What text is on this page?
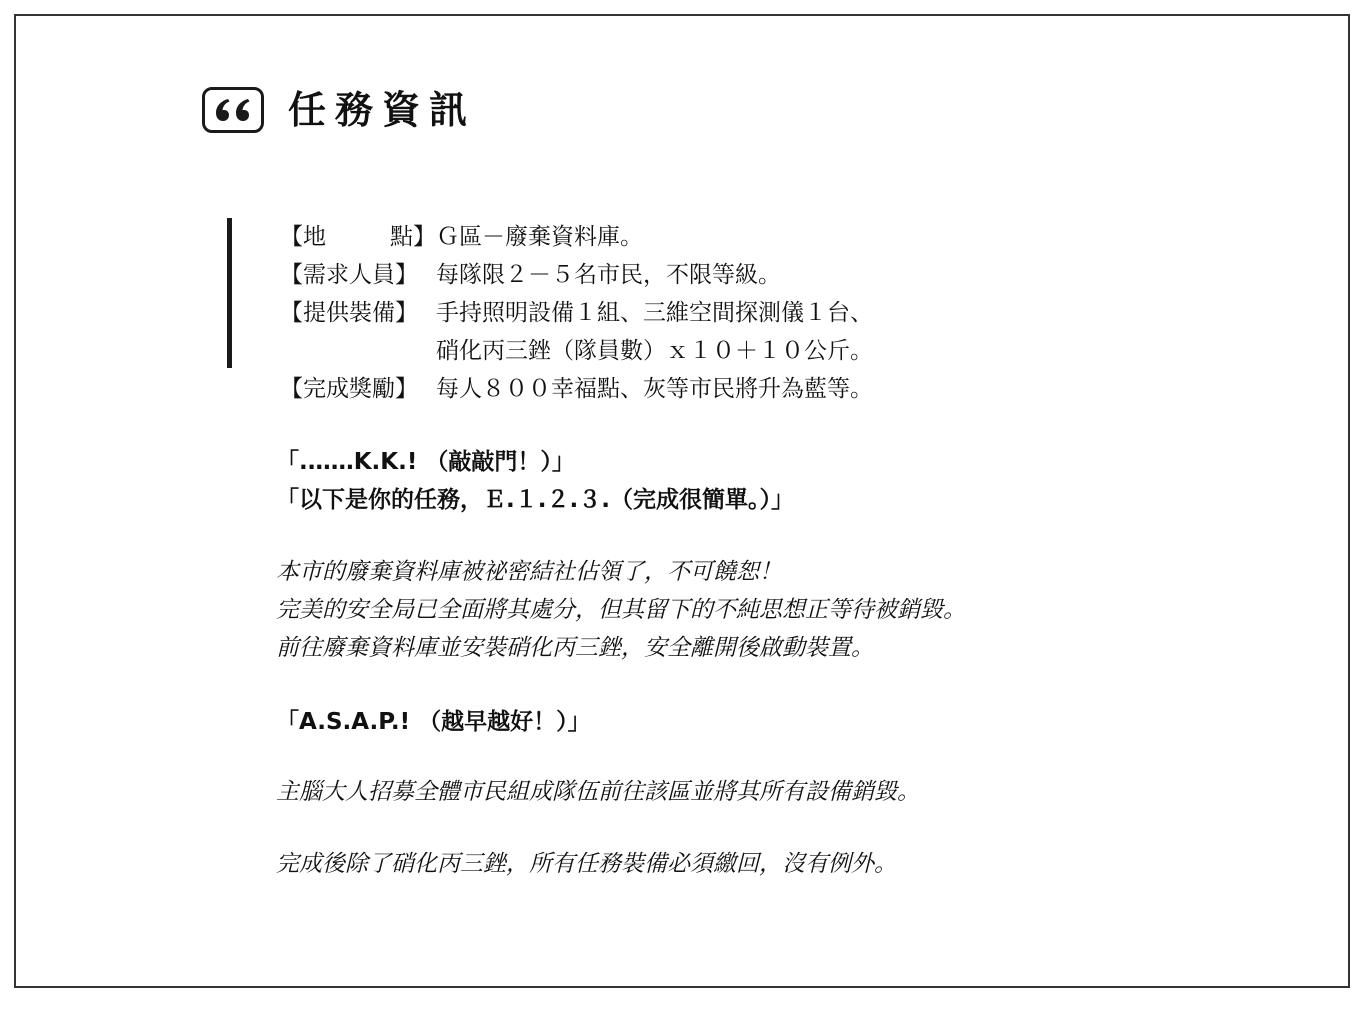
任務資訊
【地	點】 Ｇ區－廢棄資料庫。
【需求人員】 每隊限２－５名市民，不限等級。
【提供裝備】 手持照明設備１組、三維空間探測儀１台、
硝化丙三銼（隊員數）ｘ１０＋１０公斤。
【完成獎勵】 每人８００幸福點、灰等市民將升為藍等。
「.……K.K.! （敲敲門！）」
「以下是你的任務，Ｅ.１.２.３.（完成很簡單。）」
本市的廢棄資料庫被祕密結社佔領了，不可饒恕！
完美的安全局已全面將其處分，但其留下的不純思想正等待被銷毀。
前往廢棄資料庫並安裝硝化丙三銼，安全離開後啟動裝置。
「A.S.A.P.! （越早越好！）」
主腦大人招募全體市民組成隊伍前往該區並將其所有設備銷毀。
完成後除了硝化丙三銼，所有任務裝備必須繳回，沒有例外。
